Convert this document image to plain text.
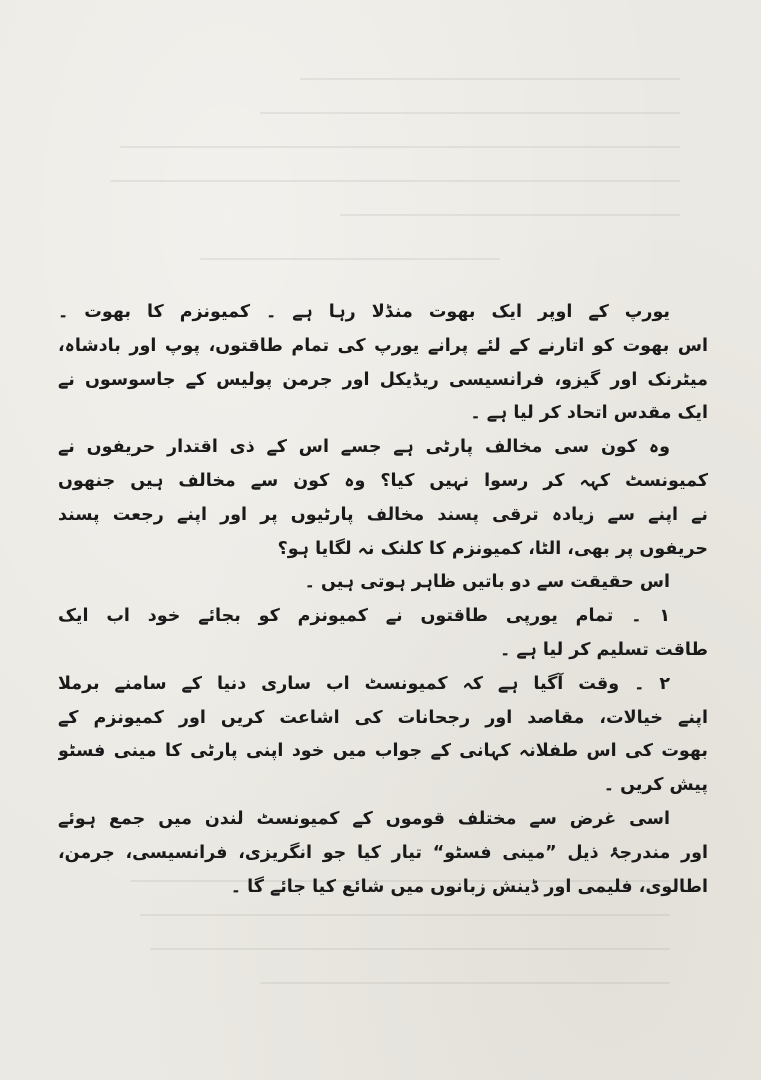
یورپ کے اوپر ایک بھوت منڈلا رہا ہے ۔ کمیونزم کا بھوت ۔
اس بھوت کو اتارنے کے لئے پرانے یورپ کی تمام طاقتوں، پوپ اور بادشاہ،
میٹرنک اور گیزو، فرانسیسی ریڈیکل اور جرمن پولیس کے جاسوسوں نے
ایک مقدس اتحاد کر لیا ہے ۔
وہ کون سی مخالف پارٹی ہے جسے اس کے ذی اقتدار حریفوں نے
کمیونسٹ کہہ کر رسوا نہیں کیا؟ وہ کون سے مخالف ہیں جنھوں
نے اپنے سے زیادہ ترقی پسند مخالف پارٹیوں پر اور اپنے رجعت پسند
حریفوں پر بھی، الٹا، کمیونزم کا کلنک نہ لگایا ہو؟
اس حقیقت سے دو باتیں ظاہر ہوتی ہیں ۔
۱ ۔ تمام یورپی طاقتوں نے کمیونزم کو بجائے خود اب ایک
طاقت تسلیم کر لیا ہے ۔
۲ ۔ وقت آگیا ہے کہ کمیونسٹ اب ساری دنیا کے سامنے برملا
اپنے خیالات، مقاصد اور رجحانات کی اشاعت کریں اور کمیونزم کے
بھوت کی اس طفلانہ کہانی کے جواب میں خود اپنی پارٹی کا مینی فسٹو
پیش کریں ۔
اسی غرض سے مختلف قوموں کے کمیونسٹ لندن میں جمع ہوئے
اور مندرجۂ ذیل ”مینی فسٹو“ تیار کیا جو انگریزی، فرانسیسی، جرمن،
اطالوی، فلیمی اور ڈینش زبانوں میں شائع کیا جائے گا ۔
